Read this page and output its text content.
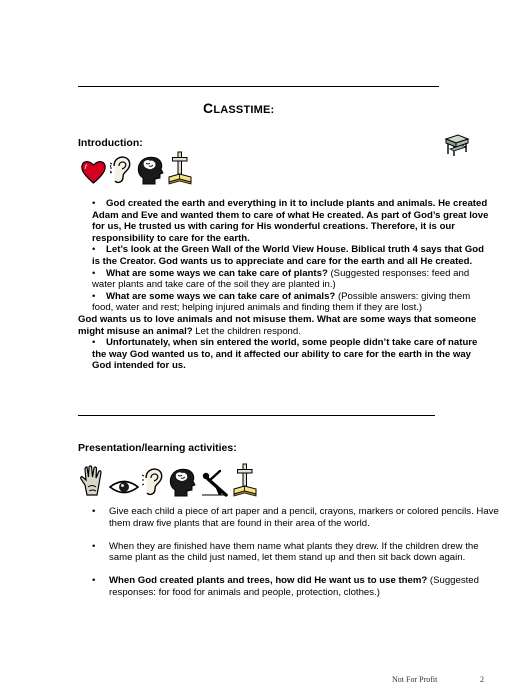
CLASSTIME:
Introduction:

• God created the earth and everything in it to include plants and animals. He created Adam and Eve and wanted them to care of what He created. As part of God’s great love for us, He trusted us with caring for His wonderful creations. Therefore, it is our responsibility to care for the earth.

• Let’s look at the Green Wall of the World View House. Biblical truth 4 says that God is the Creator. God wants us to appreciate and care for the earth and all He created.

• What are some ways we can take care of plants? (Suggested responses: feed and water plants and take care of the soil they are planted in.)

• What are some ways we can take care of animals? (Possible answers: giving them food, water and rest; helping injured animals and finding them if they are lost.)

God wants us to love animals and not misuse them. What are some ways that someone might misuse an animal? Let the children respond.

• Unfortunately, when sin entered the world, some people didn’t take care of nature the way God wanted us to, and it affected our ability to care for the earth in the way God intended for us.

Presentation/learning activities:
•	Give each child a piece of art paper and a pencil, crayons, markers or colored pencils. Have them draw five plants that are found in their area of the world.
•	When they are finished have them name what plants they drew. If the children drew the same plant as the child just named, let them stand up and then sit back down again.
•	When God created plants and trees, how did He want us to use them? (Suggested responses: for food for animals and people, protection, clothes.)
Not For Profit	2
